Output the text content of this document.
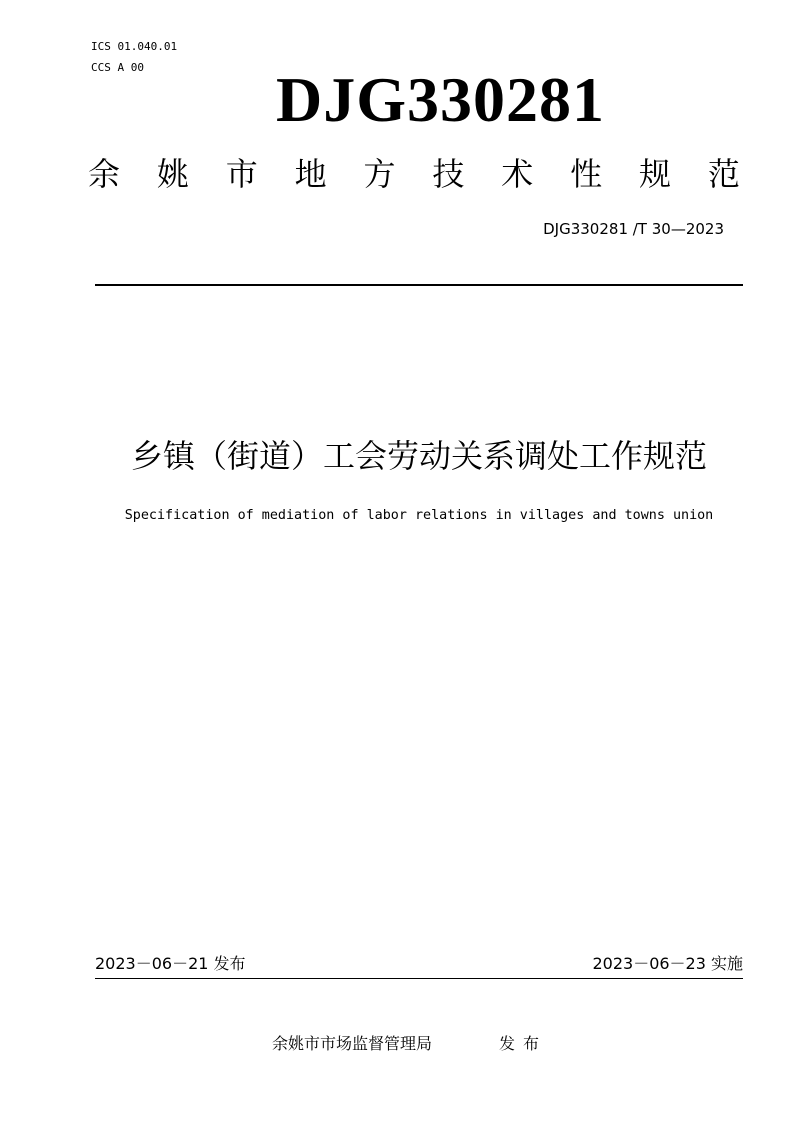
ICS 01.040.01
CCS A 00 DJG330281
余 姚 市 地 方 技 术 性 规 范
DJG330281 /T 30—2023
乡镇（街道）工会劳动关系调处工作规范
Specification of mediation of labor relations in villages and towns union
2023－06－21 发布	2023－06－23 实施
余姚市市场监督管理局	发布
